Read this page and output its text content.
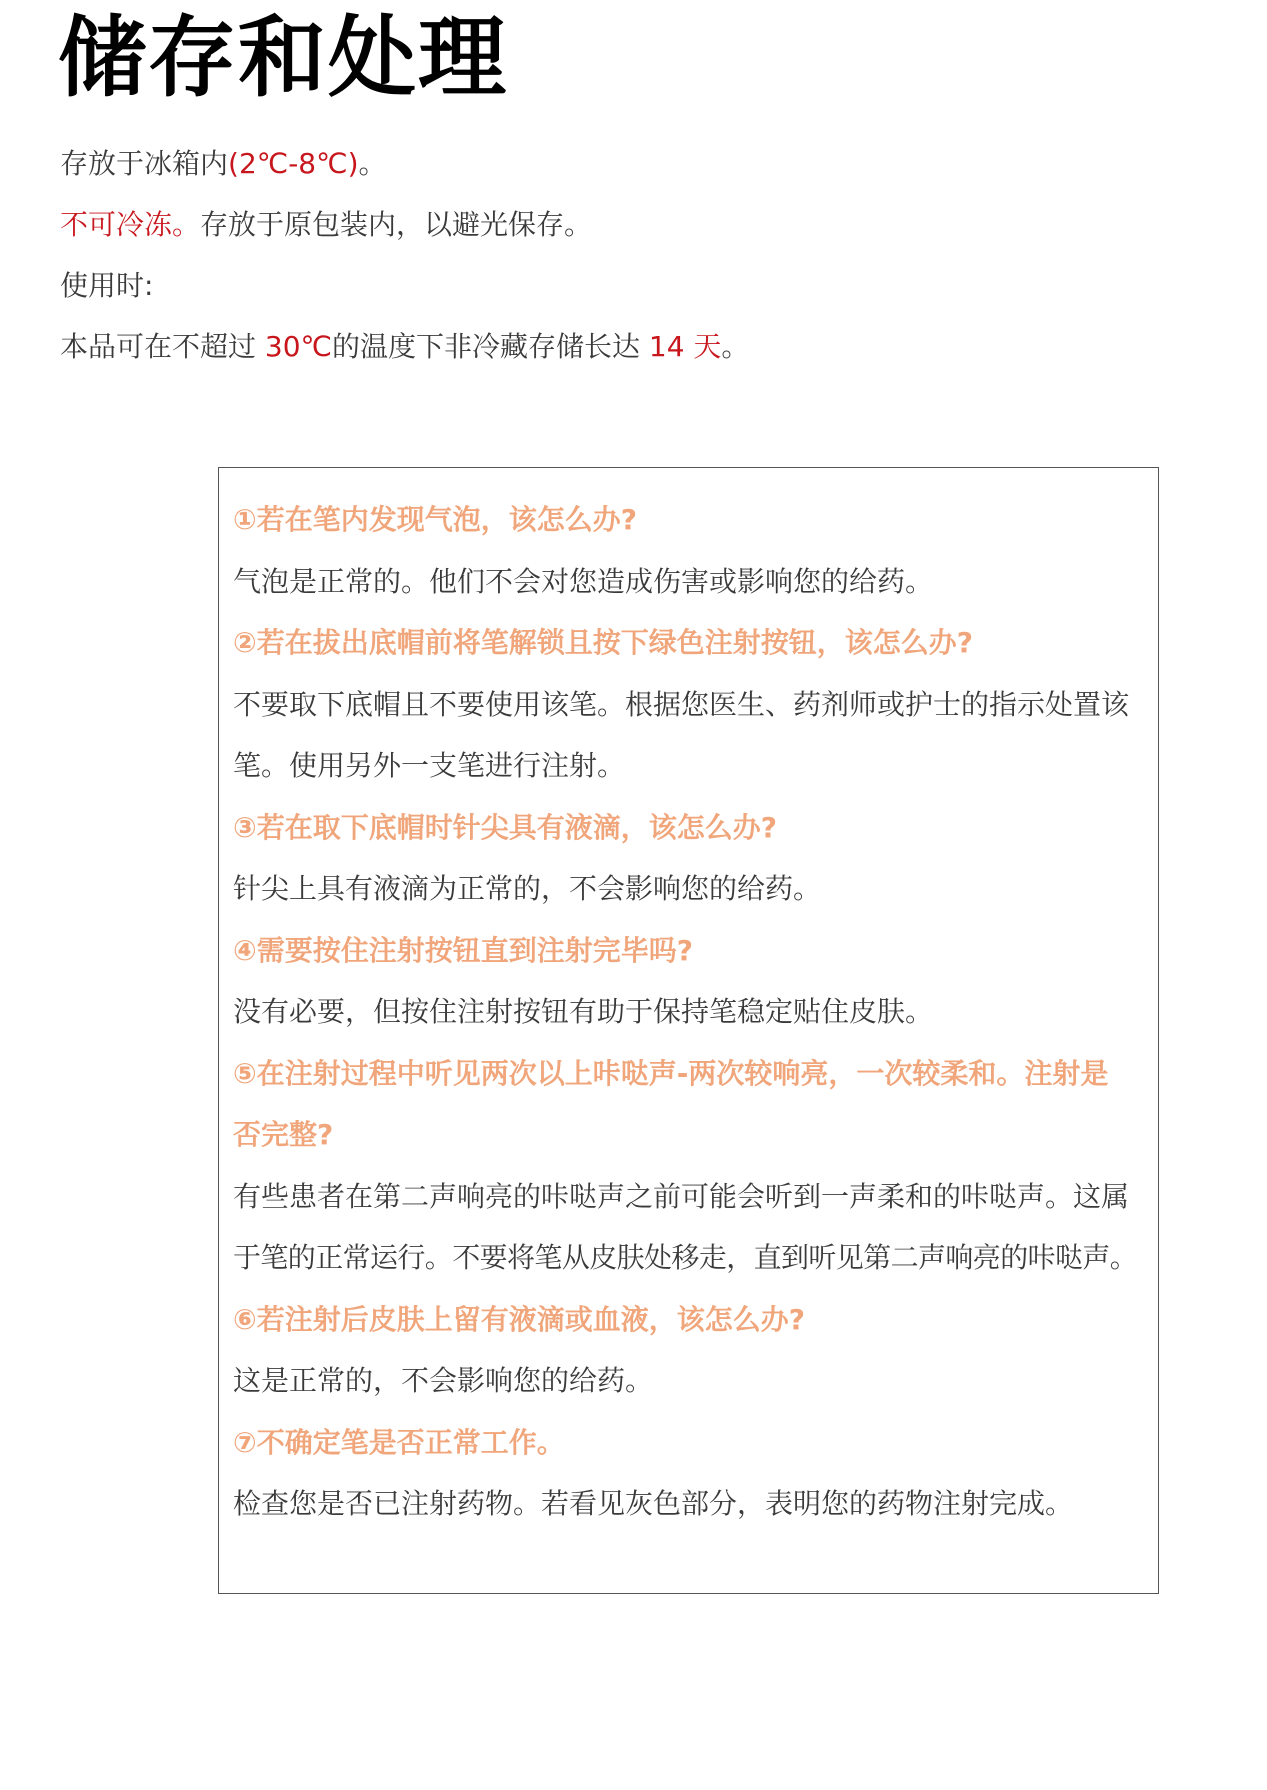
储存和处理
存放于冰箱内(2℃-8℃)。
不可冷冻。存放于原包装内，以避光保存。
使用时:
本品可在不超过 30℃的温度下非冷藏存储长达 14 天。
①若在笔内发现气泡，该怎么办?
气泡是正常的。他们不会对您造成伤害或影响您的给药。
②若在拔出底帽前将笔解锁且按下绿色注射按钮，该怎么办?
不要取下底帽且不要使用该笔。根据您医生、药剂师或护士的指示处置该
笔。使用另外一支笔进行注射。
③若在取下底帽时针尖具有液滴，该怎么办?
针尖上具有液滴为正常的，不会影响您的给药。
④需要按住注射按钮直到注射完毕吗?
没有必要，但按住注射按钮有助于保持笔稳定贴住皮肤。
⑤在注射过程中听见两次以上咔哒声-两次较响亮，一次较柔和。注射是
否完整?
有些患者在第二声响亮的咔哒声之前可能会听到一声柔和的咔哒声。这属
于笔的正常运行。不要将笔从皮肤处移走，直到听见第二声响亮的咔哒声。
⑥若注射后皮肤上留有液滴或血液，该怎么办?
这是正常的，不会影响您的给药。
⑦不确定笔是否正常工作。
检查您是否已注射药物。若看见灰色部分，表明您的药物注射完成。
